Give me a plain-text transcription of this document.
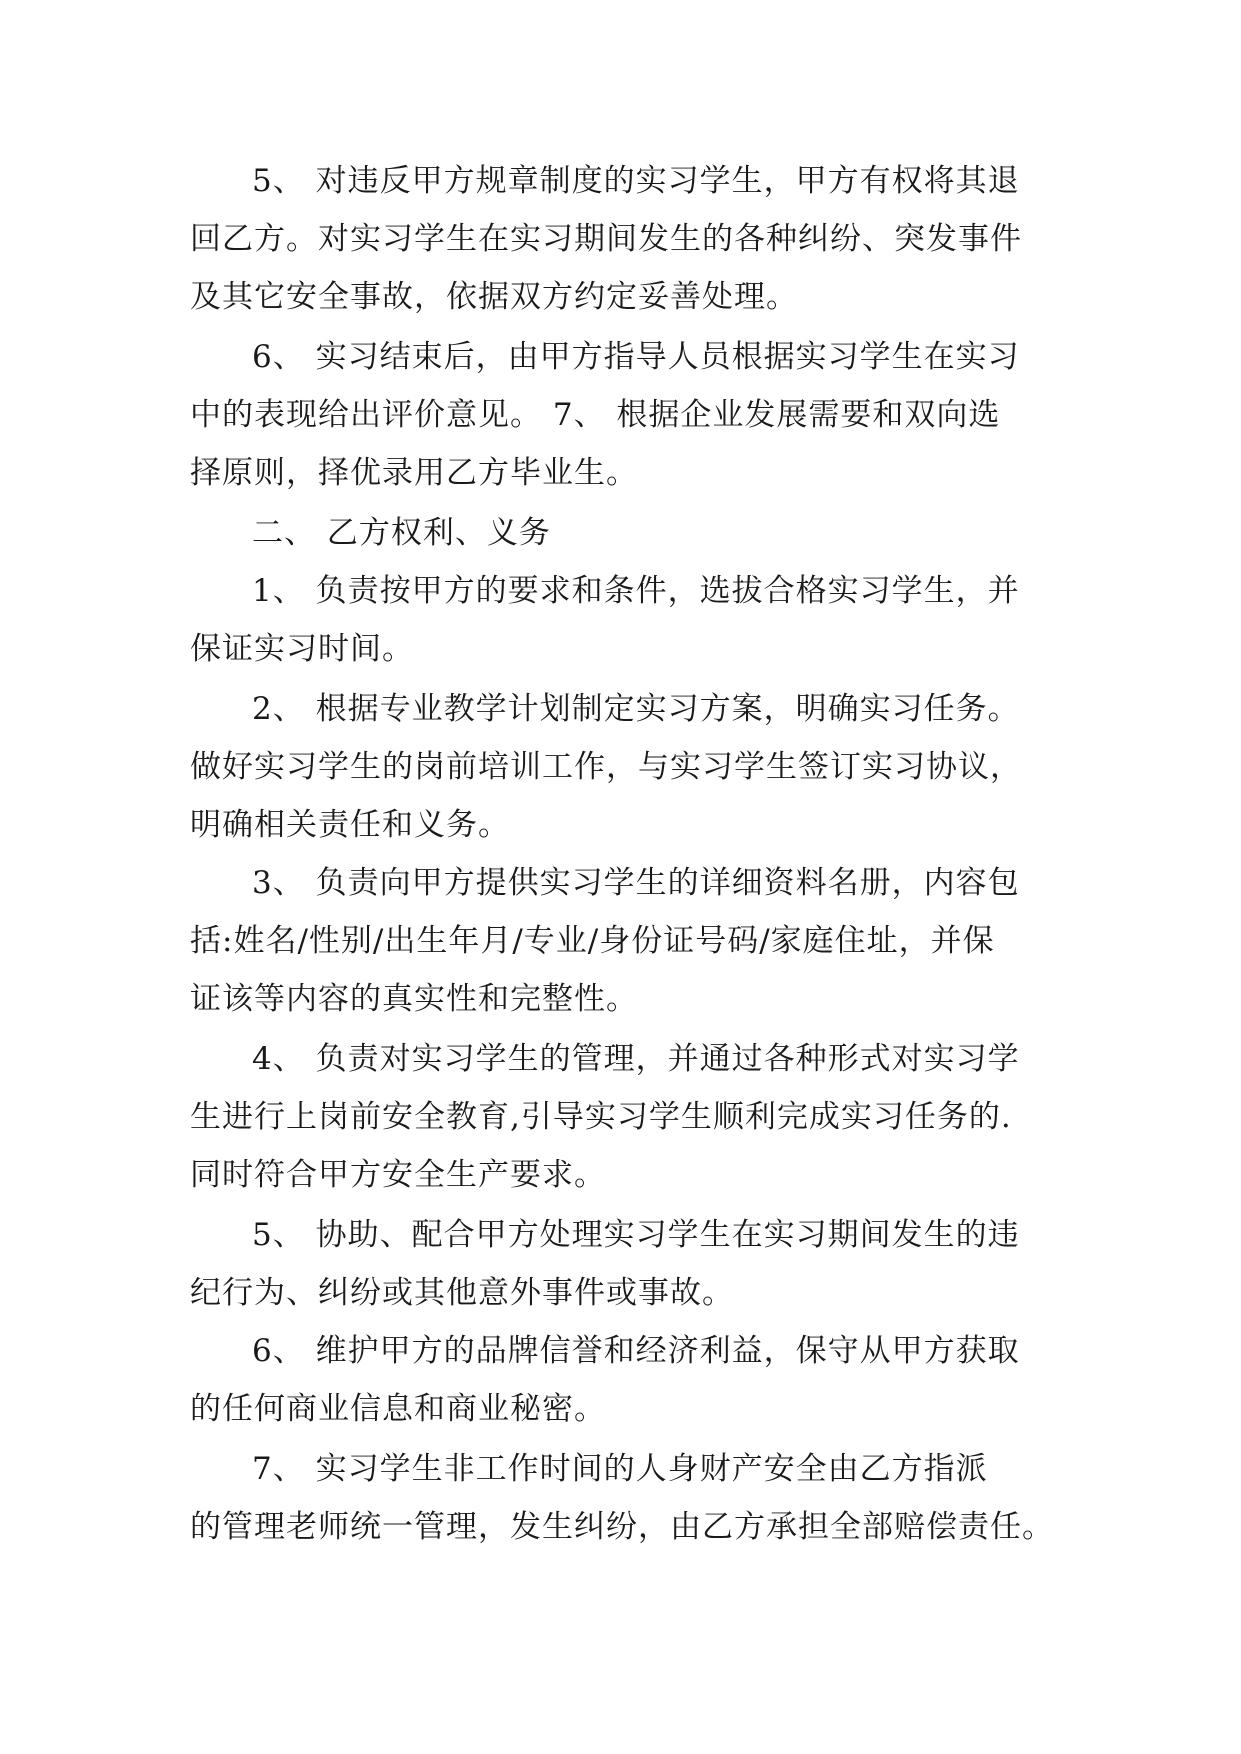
5、 对违反甲方规章制度的实习学生，甲方有权将其退
回乙方。对实习学生在实习期间发生的各种纠纷、突发事件
及其它安全事故，依据双方约定妥善处理。
6、 实习结束后，由甲方指导人员根据实习学生在实习
中的表现给出评价意见。 7、 根据企业发展需要和双向选
择原则，择优录用乙方毕业生。
二、 乙方权利、义务
1、 负责按甲方的要求和条件，选拔合格实习学生，并
保证实习时间。
2、 根据专业教学计划制定实习方案，明确实习任务。
做好实习学生的岗前培训工作，与实习学生签订实习协议，
明确相关责任和义务。
3、 负责向甲方提供实习学生的详细资料名册，内容包
括:姓名/性别/出生年月/专业/身份证号码/家庭住址，并保
证该等内容的真实性和完整性。
4、 负责对实习学生的管理，并通过各种形式对实习学
生进行上岗前安全教育,引导实习学生顺利完成实习任务的.
同时符合甲方安全生产要求。
5、 协助、配合甲方处理实习学生在实习期间发生的违
纪行为、纠纷或其他意外事件或事故。
6、 维护甲方的品牌信誉和经济利益，保守从甲方获取
的任何商业信息和商业秘密。
7、 实习学生非工作时间的人身财产安全由乙方指派
的管理老师统一管理，发生纠纷，由乙方承担全部赔偿责任。
